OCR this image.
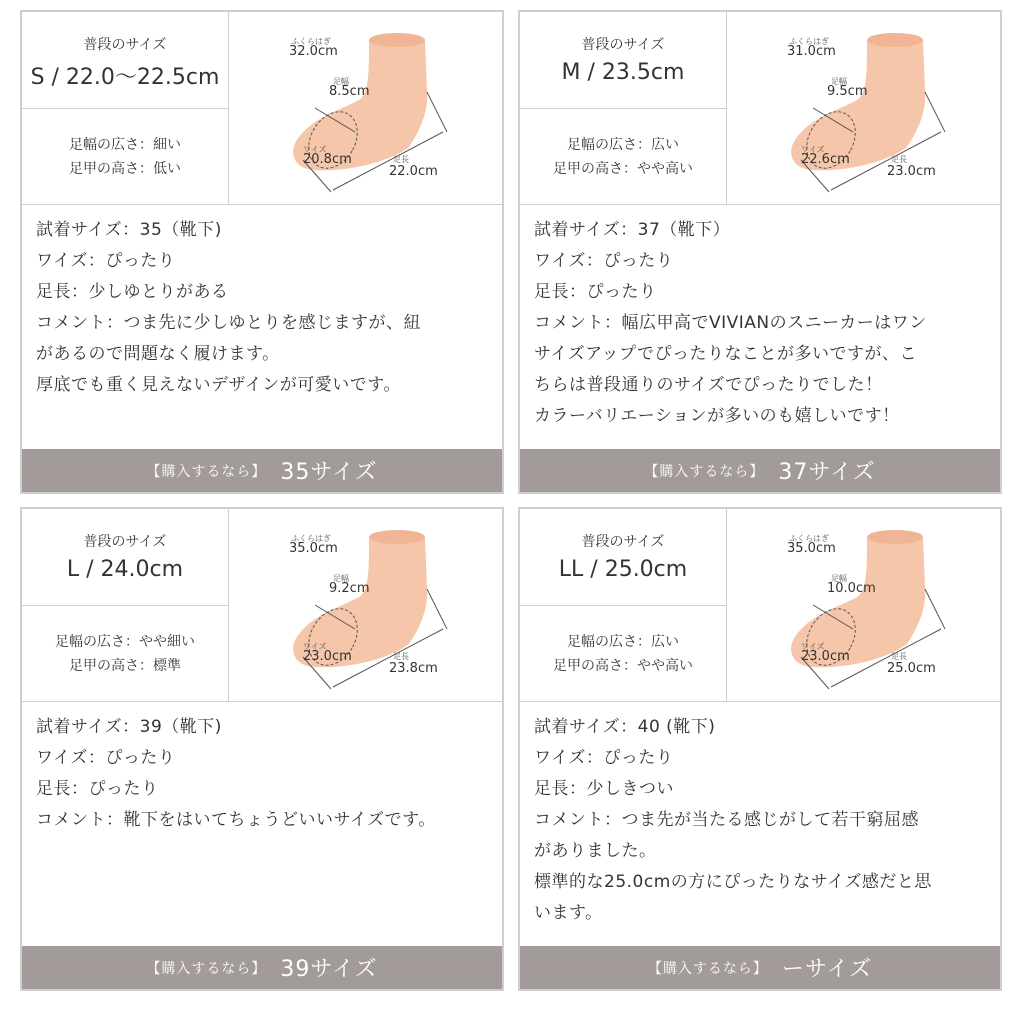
普段のサイズ
S / 22.0〜22.5cm
足幅の広さ：細い
足甲の高さ：低い
ふくらはぎ
32.0cm
足幅
8.5cm
ワイズ
20.8cm	足長
22.0cm
試着サイズ：35（靴下)
ワイズ：ぴったり
足長：少しゆとりがある
コメント：つま先に少しゆとりを感じますが、紐
があるので問題なく履けます。
厚底でも重く見えないデザインが可愛いです。
【購入するなら】 35サイズ
普段のサイズ
M / 23.5cm
足幅の広さ：広い
足甲の高さ：やや高い
ふくらはぎ
31.0cm
足幅
9.5cm
ワイズ
22.6cm	足長
23.0cm
試着サイズ：37（靴下）
ワイズ：ぴったり
足長：ぴったり
コメント：幅広甲高でVIVIANのスニーカーはワン
サイズアップでぴったりなことが多いですが、こ
ちらは普段通りのサイズでぴったりでした！
カラーバリエーションが多いのも嬉しいです！
【購入するなら】 37サイズ
普段のサイズ
L / 24.0cm
足幅の広さ：やや細い
足甲の高さ：標準
ふくらはぎ
35.0cm
足幅
9.2cm
ワイズ
23.0cm	足長
23.8cm
試着サイズ：39（靴下)
ワイズ：ぴったり
足長：ぴったり
コメント：靴下をはいてちょうどいいサイズです。
【購入するなら】 39サイズ
普段のサイズ
LL / 25.0cm
足幅の広さ：広い
足甲の高さ：やや高い
ふくらはぎ
35.0cm
足幅
10.0cm
ワイズ
23.0cm	足長
25.0cm
試着サイズ：40 (靴下)
ワイズ：ぴったり
足長：少しきつい
コメント：つま先が当たる感じがして若干窮屈感
がありました。
標準的な25.0cmの方にぴったりなサイズ感だと思
います。
【購入するなら】 ーサイズ
